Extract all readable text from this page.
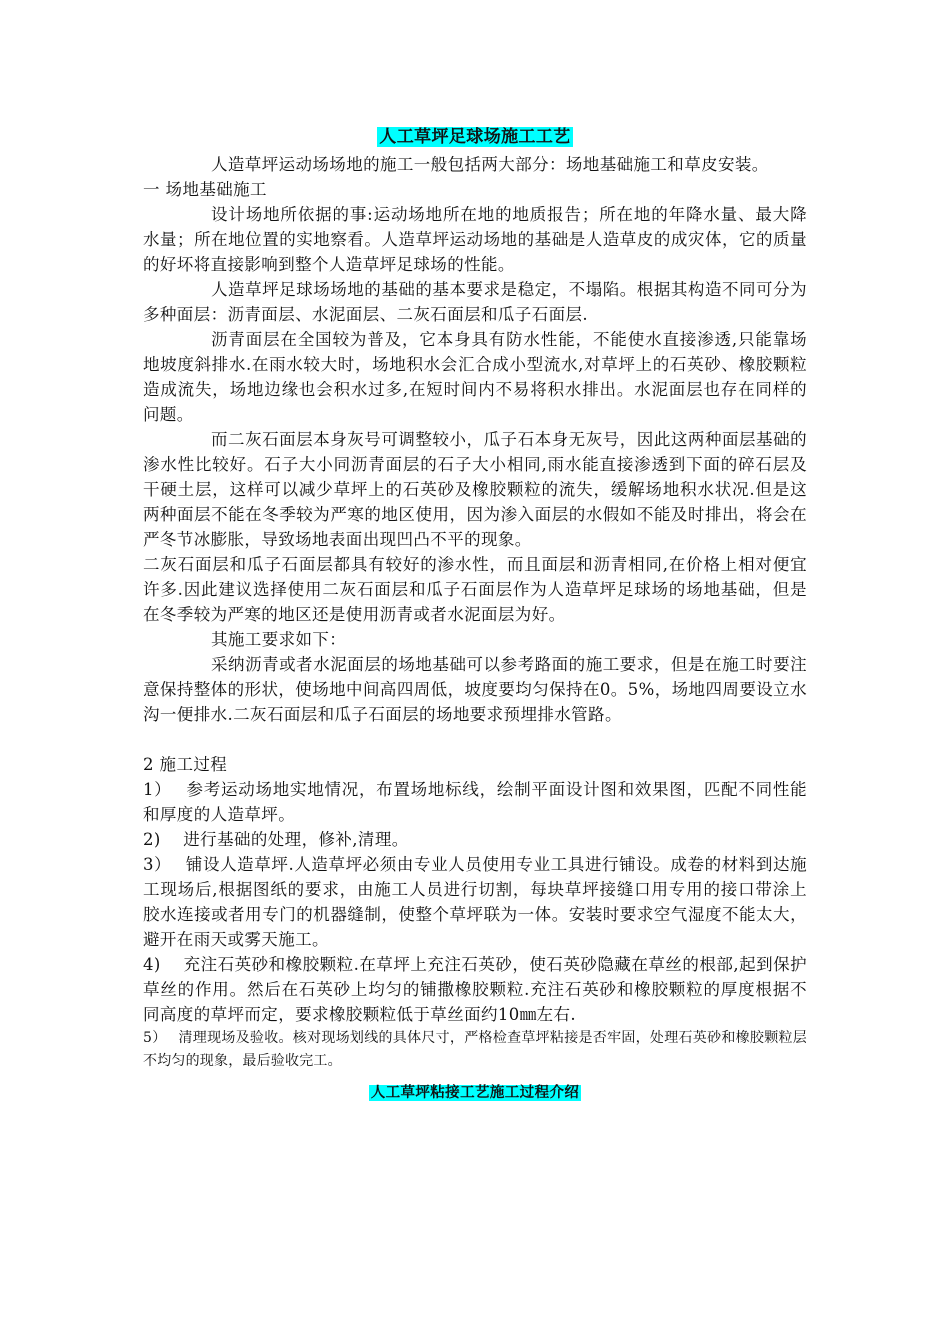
人工草坪足球场施工工艺

人造草坪运动场场地的施工一般包括两大部分：场地基础施工和草皮安装。

一 场地基础施工

设计场地所依据的事:运动场地所在地的地质报告；所在地的年降水量、最大降水量；所在地位置的实地察看。人造草坪运动场地的基础是人造草皮的成灾体，它的质量的好坏将直接影响到整个人造草坪足球场的性能。

人造草坪足球场场地的基础的基本要求是稳定，不塌陷。根据其构造不同可分为多种面层：沥青面层、水泥面层、二灰石面层和瓜子石面层.

沥青面层在全国较为普及，它本身具有防水性能，不能使水直接渗透,只能靠场地坡度斜排水.在雨水较大时，场地积水会汇合成小型流水,对草坪上的石英砂、橡胶颗粒造成流失，场地边缘也会积水过多,在短时间内不易将积水排出。水泥面层也存在同样的问题。

而二灰石面层本身灰号可调整较小，瓜子石本身无灰号，因此这两种面层基础的渗水性比较好。石子大小同沥青面层的石子大小相同,雨水能直接渗透到下面的碎石层及干硬土层，这样可以减少草坪上的石英砂及橡胶颗粒的流失，缓解场地积水状况.但是这两种面层不能在冬季较为严寒的地区使用，因为渗入面层的水假如不能及时排出，将会在严冬节冰膨胀，导致场地表面出现凹凸不平的现象。

二灰石面层和瓜子石面层都具有较好的渗水性，而且面层和沥青相同,在价格上相对便宜许多.因此建议选择使用二灰石面层和瓜子石面层作为人造草坪足球场的场地基础，但是在冬季较为严寒的地区还是使用沥青或者水泥面层为好。

其施工要求如下：

采纳沥青或者水泥面层的场地基础可以参考路面的施工要求，但是在施工时要注意保持整体的形状，使场地中间高四周低，坡度要均匀保持在0。5%，场地四周要设立水沟一便排水.二灰石面层和瓜子石面层的场地要求预埋排水管路。

2 施工过程

1）　 参考运动场地实地情况，布置场地标线，绘制平面设计图和效果图，匹配不同性能和厚度的人造草坪。

2)　 进行基础的处理，修补,清理。

3）　 铺设人造草坪.人造草坪必须由专业人员使用专业工具进行铺设。成卷的材料到达施工现场后,根据图纸的要求，由施工人员进行切割，每块草坪接缝口用专用的接口带涂上胶水连接或者用专门的机器缝制，使整个草坪联为一体。安装时要求空气湿度不能太大，避开在雨天或雾天施工。

4)　 充注石英砂和橡胶颗粒.在草坪上充注石英砂，使石英砂隐藏在草丝的根部,起到保护草丝的作用。然后在石英砂上均匀的铺撒橡胶颗粒.充注石英砂和橡胶颗粒的厚度根据不同高度的草坪而定，要求橡胶颗粒低于草丝面约10㎜左右.

5）　 清理现场及验收。核对现场划线的具体尺寸，严格检查草坪粘接是否牢固，处理石英砂和橡胶颗粒层不均匀的现象，最后验收完工。

人工草坪粘接工艺施工过程介绍
